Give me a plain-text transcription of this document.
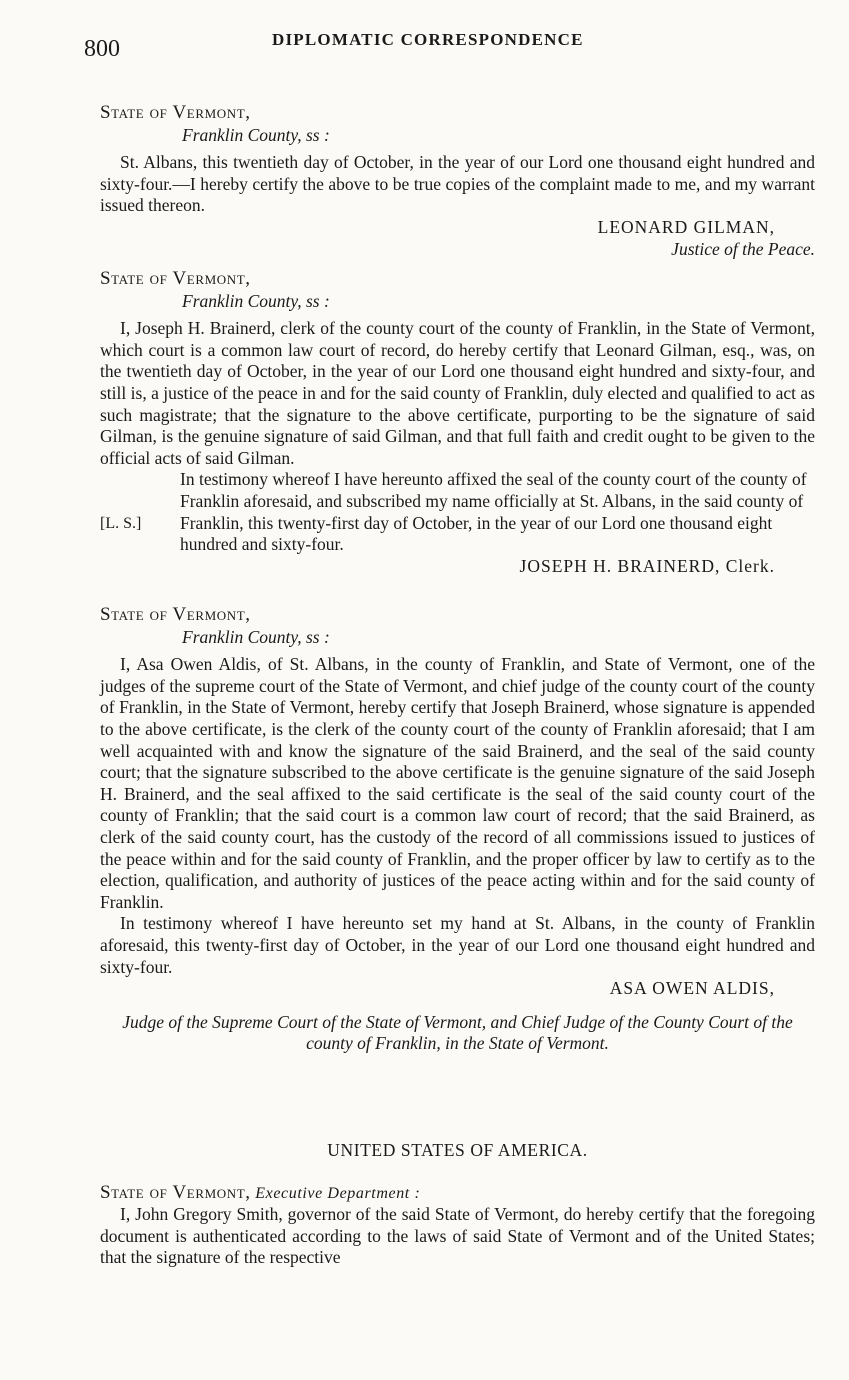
800	DIPLOMATIC CORRESPONDENCE

State of Vermont,

Franklin County, ss :

St. Albans, this twentieth day of October, in the year of our Lord one thousand eight hundred and sixty-four.—I hereby certify the above to be true copies of the complaint made to me, and my warrant issued thereon.

LEONARD GILMAN,

Justice of the Peace.

State of Vermont,

Franklin County, ss :

I, Joseph H. Brainerd, clerk of the county court of the county of Franklin, in the State of Vermont, which court is a common law court of record, do hereby certify that Leonard Gilman, esq., was, on the twentieth day of October, in the year of our Lord one thousand eight hundred and sixty-four, and still is, a justice of the peace in and for the said county of Franklin, duly elected and qualified to act as such magistrate; that the signature to the above certificate, purporting to be the signature of said Gilman, is the genuine signature of said Gilman, and that full faith and credit ought to be given to the official acts of said Gilman.

[L. S.]

In testimony whereof I have hereunto affixed the seal of the county court of the county of Franklin aforesaid, and subscribed my name officially at St. Albans, in the said county of Franklin, this twenty-first day of October, in the year of our Lord one thousand eight hundred and sixty-four.

JOSEPH H. BRAINERD, Clerk.

State of Vermont,

Franklin County, ss :

I, Asa Owen Aldis, of St. Albans, in the county of Franklin, and State of Vermont, one of the judges of the supreme court of the State of Vermont, and chief judge of the county court of the county of Franklin, in the State of Vermont, hereby certify that Joseph Brainerd, whose signature is appended to the above certificate, is the clerk of the county court of the county of Franklin aforesaid; that I am well acquainted with and know the signature of the said Brainerd, and the seal of the said county court; that the signature subscribed to the above certificate is the genuine signature of the said Joseph H. Brainerd, and the seal affixed to the said certificate is the seal of the said county court of the county of Franklin; that the said court is a common law court of record; that the said Brainerd, as clerk of the said county court, has the custody of the record of all commissions issued to justices of the peace within and for the said county of Franklin, and the proper officer by law to certify as to the election, qualification, and authority of justices of the peace acting within and for the said county of Franklin.

In testimony whereof I have hereunto set my hand at St. Albans, in the county of Franklin aforesaid, this twenty-first day of October, in the year of our Lord one thousand eight hundred and sixty-four.

ASA OWEN ALDIS,

Judge of the Supreme Court of the State of Vermont, and Chief Judge of the County Court of the county of Franklin, in the State of Vermont.

UNITED STATES OF AMERICA.

State of Vermont, Executive Department :

I, John Gregory Smith, governor of the said State of Vermont, do hereby certify that the foregoing document is authenticated according to the laws of said State of Vermont and of the United States; that the signature of the respective
